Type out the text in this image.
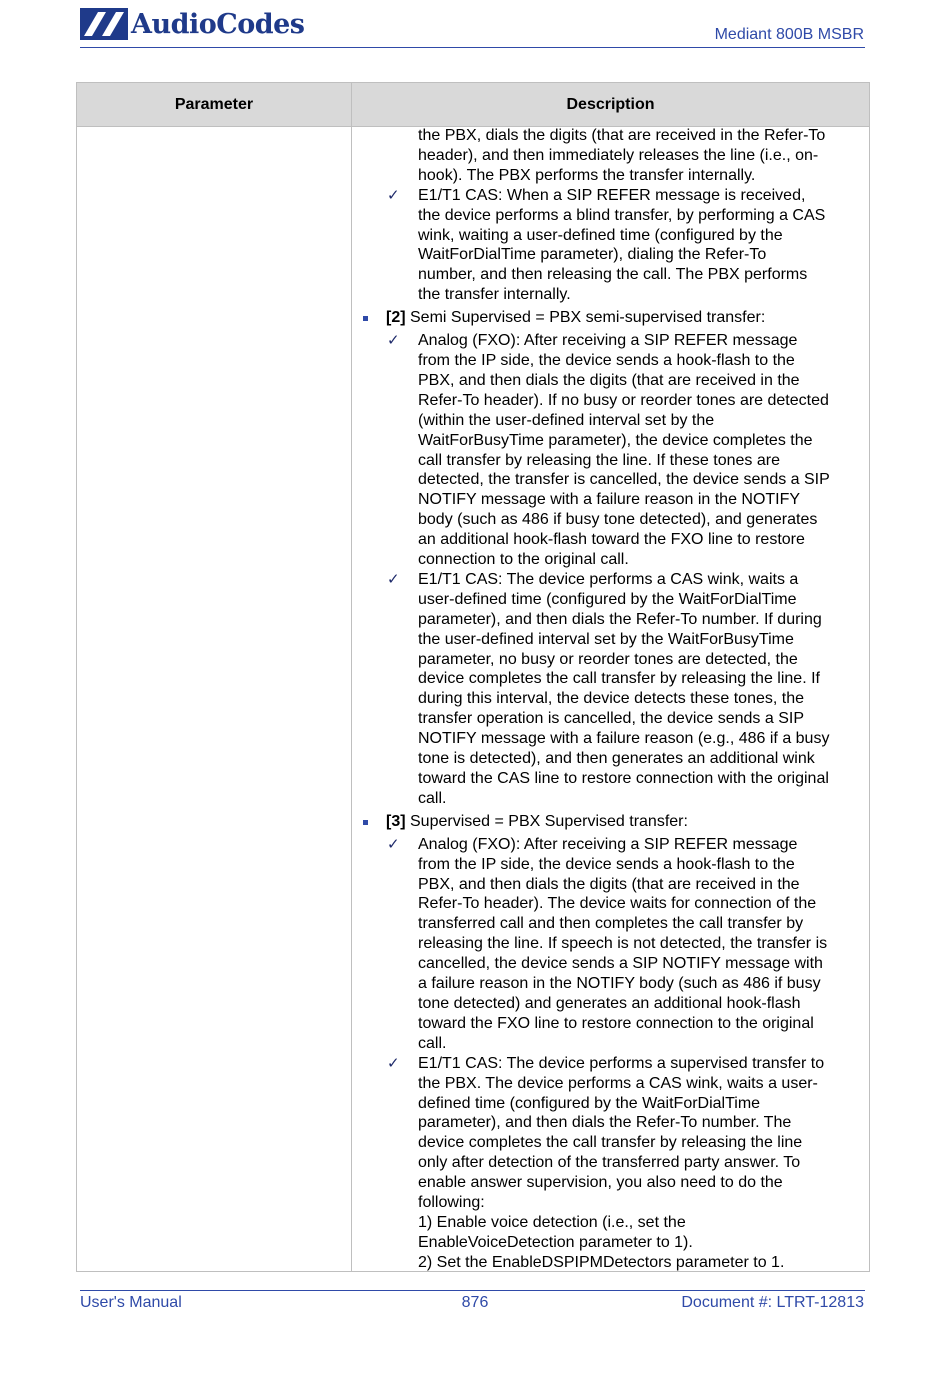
AudioCodes	Mediant 800B MSBR
Parameter	Description
the PBX, dials the digits (that are received in the Refer-To
header), and then immediately releases the line (i.e., on-
hook). The PBX performs the transfer internally.
✓ E1/T1 CAS: When a SIP REFER message is received,
the device performs a blind transfer, by performing a CAS
wink, waiting a user-defined time (configured by the
WaitForDialTime parameter), dialing the Refer-To
number, and then releasing the call. The PBX performs
the transfer internally.
[2] Semi Supervised = PBX semi-supervised transfer:
✓ Analog (FXO): After receiving a SIP REFER message
from the IP side, the device sends a hook-flash to the
PBX, and then dials the digits (that are received in the
Refer-To header). If no busy or reorder tones are detected
(within the user-defined interval set by the
WaitForBusyTime parameter), the device completes the
call transfer by releasing the line. If these tones are
detected, the transfer is cancelled, the device sends a SIP
NOTIFY message with a failure reason in the NOTIFY
body (such as 486 if busy tone detected), and generates
an additional hook-flash toward the FXO line to restore
connection to the original call.
✓ E1/T1 CAS: The device performs a CAS wink, waits a
user-defined time (configured by the WaitForDialTime
parameter), and then dials the Refer-To number. If during
the user-defined interval set by the WaitForBusyTime
parameter, no busy or reorder tones are detected, the
device completes the call transfer by releasing the line. If
during this interval, the device detects these tones, the
transfer operation is cancelled, the device sends a SIP
NOTIFY message with a failure reason (e.g., 486 if a busy
tone is detected), and then generates an additional wink
toward the CAS line to restore connection with the original
call.
[3] Supervised = PBX Supervised transfer:
✓ Analog (FXO): After receiving a SIP REFER message
from the IP side, the device sends a hook-flash to the
PBX, and then dials the digits (that are received in the
Refer-To header). The device waits for connection of the
transferred call and then completes the call transfer by
releasing the line. If speech is not detected, the transfer is
cancelled, the device sends a SIP NOTIFY message with
a failure reason in the NOTIFY body (such as 486 if busy
tone detected) and generates an additional hook-flash
toward the FXO line to restore connection to the original
call.
✓ E1/T1 CAS: The device performs a supervised transfer to
the PBX. The device performs a CAS wink, waits a user-
defined time (configured by the WaitForDialTime
parameter), and then dials the Refer-To number. The
device completes the call transfer by releasing the line
only after detection of the transferred party answer. To
enable answer supervision, you also need to do the
following:
1) Enable voice detection (i.e., set the
EnableVoiceDetection parameter to 1).
2) Set the EnableDSPIPMDetectors parameter to 1.
User's Manual	876	Document #: LTRT-12813
